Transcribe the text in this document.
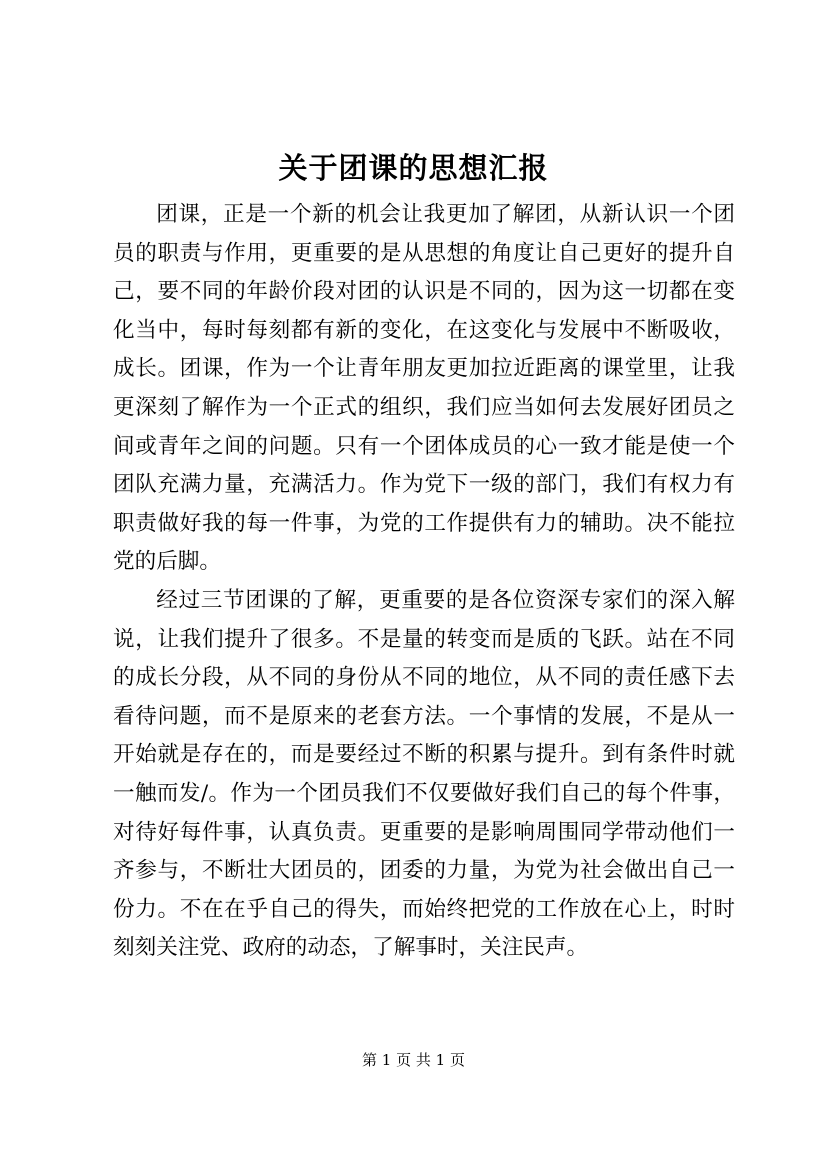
关于团课的思想汇报

团课，正是一个新的机会让我更加了解团，从新认识一个团员的职责与作用，更重要的是从思想的角度让自己更好的提升自己，要不同的年龄价段对团的认识是不同的，因为这一切都在变化当中，每时每刻都有新的变化，在这变化与发展中不断吸收，成长。团课，作为一个让青年朋友更加拉近距离的课堂里，让我更深刻了解作为一个正式的组织，我们应当如何去发展好团员之间或青年之间的问题。只有一个团体成员的心一致才能是使一个团队充满力量，充满活力。作为党下一级的部门，我们有权力有职责做好我的每一件事，为党的工作提供有力的辅助。决不能拉党的后脚。

经过三节团课的了解，更重要的是各位资深专家们的深入解说，让我们提升了很多。不是量的转变而是质的飞跃。站在不同的成长分段，从不同的身份从不同的地位，从不同的责任感下去看待问题，而不是原来的老套方法。一个事情的发展，不是从一开始就是存在的，而是要经过不断的积累与提升。到有条件时就一触而发/。作为一个团员我们不仅要做好我们自己的每个件事，对待好每件事，认真负责。更重要的是影响周围同学带动他们一齐参与，不断壮大团员的，团委的力量，为党为社会做出自己一份力。不在在乎自己的得失，而始终把党的工作放在心上，时时刻刻关注党、政府的动态，了解事时，关注民声。

第 1 页 共 1 页
